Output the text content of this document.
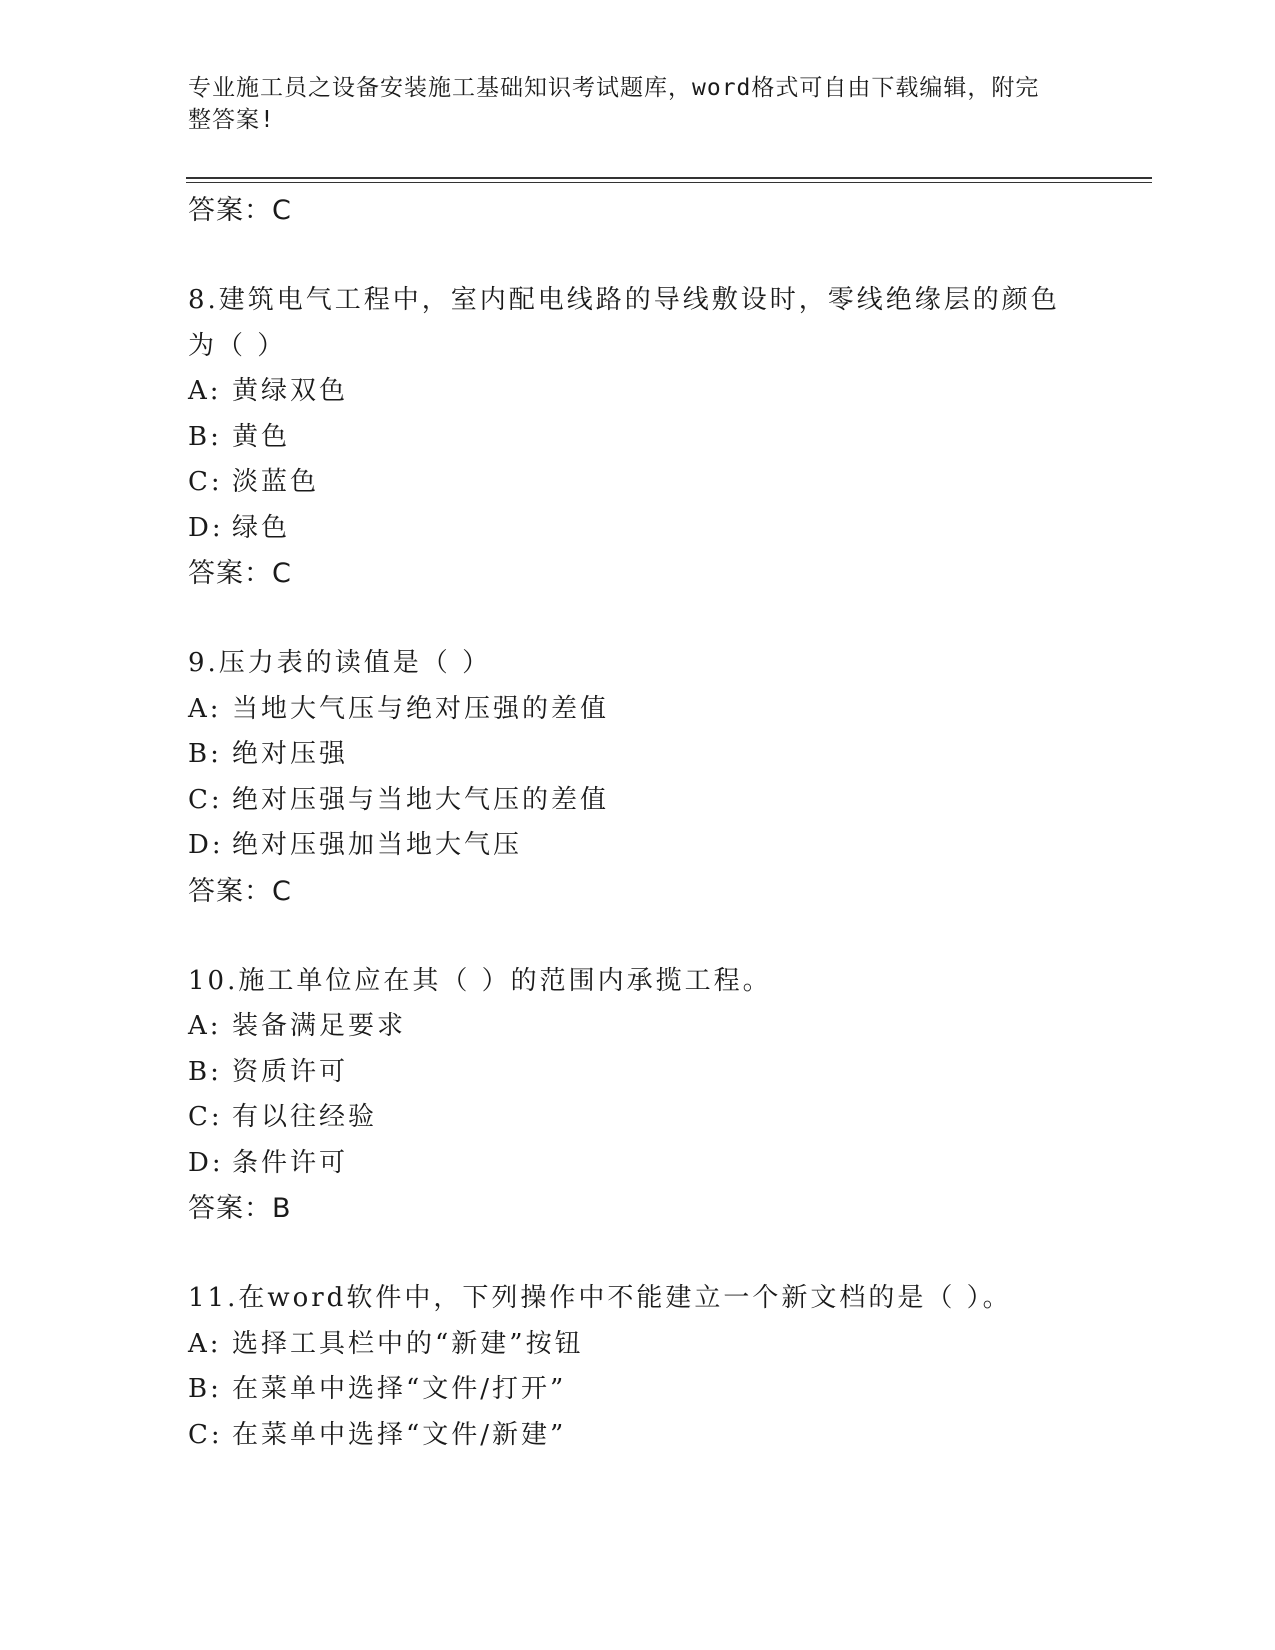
专业施工员之设备安装施工基础知识考试题库，word格式可自由下载编辑，附完
整答案!
答案：C
8.建筑电气工程中，室内配电线路的导线敷设时，零线绝缘层的颜色
为（ ）
A: 黄绿双色
B: 黄色
C: 淡蓝色
D: 绿色
答案：C
9.压力表的读值是（ ）
A: 当地大气压与绝对压强的差值
B: 绝对压强
C: 绝对压强与当地大气压的差值
D: 绝对压强加当地大气压
答案：C
10.施工单位应在其（ ）的范围内承揽工程。
A: 装备满足要求
B: 资质许可
C: 有以往经验
D: 条件许可
答案：B
11.在word软件中，下列操作中不能建立一个新文档的是（ ）。
A: 选择工具栏中的“新建”按钮
B: 在菜单中选择“文件/打开”
C: 在菜单中选择“文件/新建”
